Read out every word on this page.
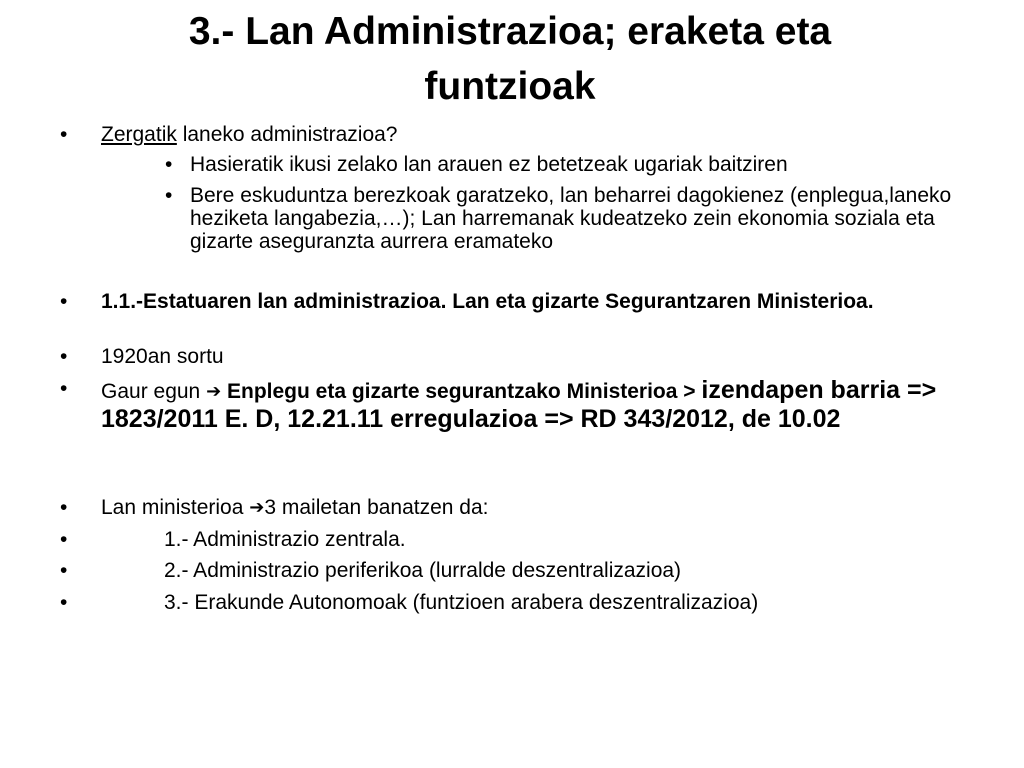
3.- Lan Administrazioa; eraketa eta
funtzioak
• Zergatik laneko administrazioa?

• Hasieratik ikusi zelako lan arauen ez betetzeak ugariak baitziren

• Bere eskuduntza berezkoak garatzeko, lan beharrei dagokienez (enplegua,laneko heziketa langabezia,…); Lan harremanak kudeatzeko zein ekonomia soziala eta gizarte aseguranzta aurrera eramateko

• 1.1.-Estatuaren lan administrazioa. Lan eta gizarte Segurantzaren Ministerioa.

• 1920an sortu

• Gaur egun ➔ Enplegu eta gizarte segurantzako Ministerioa > izendapen barria => 1823/2011 E. D, 12.21.11 erregulazioa => RD 343/2012, de 10.02

• Lan ministerioa ➔3 mailetan banatzen da:

•	1.- Administrazio zentrala.

•	2.- Administrazio periferikoa (lurralde deszentralizazioa)

•	3.- Erakunde Autonomoak (funtzioen arabera deszentralizazioa)
